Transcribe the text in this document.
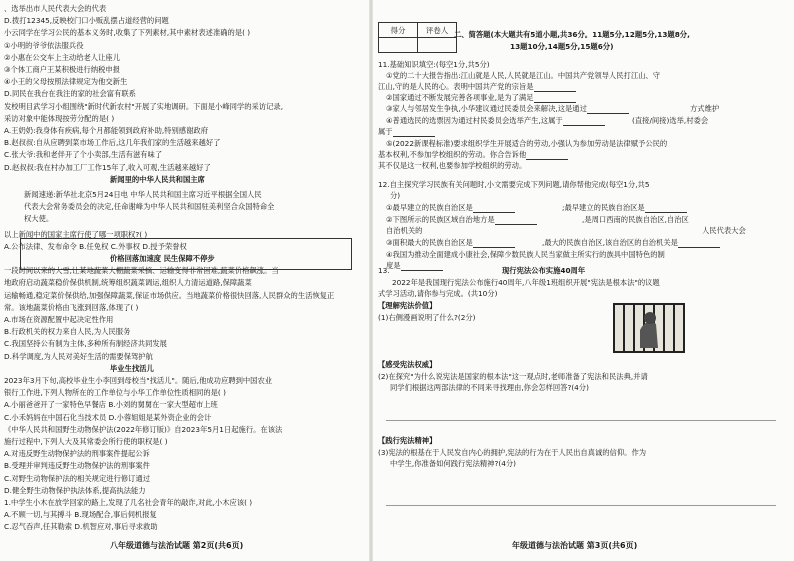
、选举出市人民代表大会的代表
D.拨打12345,反映校门口小贩乱摆占道经营的问题
小云同学在学习公民的基本义务时,收集了下列素材,其中素材表述准确的是( )
①小明的爷爷依法服兵役
②小惠在公交车上主动给老人让座儿
③个体工商户王某积极进行纳税申报
④小王的父母按照法律规定为他交新生
D.同民在我台在我注的家的社会富有联系
发校明目武学习小组围绕"新时代新农村"开展了实地调研。下面是小峰同学的采访记录,
采访对象中能体现按劳分配的是( )
A.王奶奶:我身体有疾病,每个月都能领到政府补助,特别感谢政府
B.赵叔叔:自从应聘到菜市场工作后,这几年我们家的生活越来越好了
C.张大爷:我和老伴开了个小卖部,生活有滋有味了
D.赵叔叔:我在村办加工厂工作15年了,收入可观,生活越来越好了
新闻里的中华人民共和国主席
新闻速递:新华社北京5月24日电 中华人民共和国主席习近平根据全国人民
代表大会常务委员会的决定,任命谢峰为中华人民共和国驻美利坚合众国特命全
权大使。
以上新闻中的国家主席行使了哪一项职权?( )
A.公布法律、发布命令 B.任免权 C.外事权 D.授予荣誉权
价格回落加速度 民生保障不停步
一段时间以来的大雪,让某地蔬菜大棚蔬菜采摘、运输变得非常困难,蔬菜价格飙涨。当
地政府启动蔬菜稳价保供机制,统筹组织蔬菜调运,组织人力清运道路,保障蔬菜
运输畅通,稳定菜价保供给,加强保障蔬菜,保证市场供应。当地蔬菜价格很快回落,人民群众的生活恢复正
常。该地蔬菜价格由飞涨到回落,体现了( )
A.市场在资源配置中起决定性作用
B.行政机关的权力来自人民,为人民服务
C.我国坚持公有制为主体,多种所有制经济共同发展
D.科学调度,为人民对美好生活的需要保驾护航
毕业生找活儿
2023年3月下旬,高校毕业生小李回到母校当"找活儿"。随后,他成功应聘到中国农业
银行工作进,下列人物所在的工作单位与小华工作单位性质相同的是( )
A.小丽爸爸开了一家特色早餐店 B.小刘的舅舅在一家大型超市上班
C.小禾妈妈在中国石化当技术员 D.小蓉姐姐是某外资企业的会计
《中华人民共和国野生动物保护法(2022年修订版)》自2023年5月1日起施行。在该法
施行过程中,下列人大及其常委会所行使的职权是( )
A.对违反野生动物保护法的刑事案件提起公诉
B.受理并审判违反野生动物保护法的刑事案件
C.对野生动物保护法的相关规定进行修订通过
D.健全野生动物保护执法体系,提高执法能力
1.中学生小木在放学回家的路上,发现了几名社会青年的敲诈,对此,小木应该( )
A.不顾一切,与其搏斗 B.现场配合,事后伺机报复
C.忍气吞声,任其勒索 D.机智应对,事后寻求救助
八年级道德与法治试题 第2页(共6页)
得分	评卷人
	二、简答题(本大题共有5道小题,共36分。11题5分,12题5分,13题8分,
13题10分,14题5分,15题6分)
11.基础知识填空:(每空1分,共5分)
①党的二十大报告指出:江山就是人民,人民就是江山。中国共产党领导人民打江山、守
江山,守的是人民的心。表明中国共产党的宗旨是
②国家通过不断发展完善各项事业,是为了满足
③家人与邻居发生争执,小华建议通过民委员会来解决,这是通过	方式维护
④普通选民的选票因为通过村民委员会选举产生,这属于	(直接/间接)选举,村委会
属于
⑤(2022新课程标准)要求组织学生开展适合的劳动,小强认为参加劳动是法律赋予公民的
基本权利,不参加学校组织的劳动。你合告诉他
其不仅是这一权利,也要参加学校组织的劳动。
12.自主探究学习民族有关问题时,小文需要完成下列问题,请你帮他完成(每空1分,共5
分)
①最早建立的民族自治区是	;最早建立的民族自治区是
②下图所示的民族区域自治地方是	,是周口西南的民族自治区,自治区
人民代表大会
自治机关的
③面积最大的民族自治区是	,最大的民族自治区,该自治区的自治机关是
④我国为推动全面建成小康社会,保障少数民族人民当家做主所实行的族具中国特色的制
度是
13.	现行宪法公布实施40周年
2022年是我国现行宪法公布施行40周年,八年级1班组织开展"宪法是根本法"的议题
式学习活动,请你参与完成。(共10分)
【理解宪法价值】
(1)右侧漫画说明了什么?(2分)
【感受宪法权威】
(2)在探究"为什么说宪法是国家的根本法"这一观点时,老师准备了宪法和民法典,并请
同学们根据这两部法律的不同来寻找理由,你会怎样回答?(4分)
【践行宪法精神】
(3)宪法的根基在于人民发自内心的拥护,宪法的行为在于人民出自真诚的信仰。作为
中学生,你准备如何践行宪法精神?(4分)
年级道德与法治试题 第3页(共6页)
